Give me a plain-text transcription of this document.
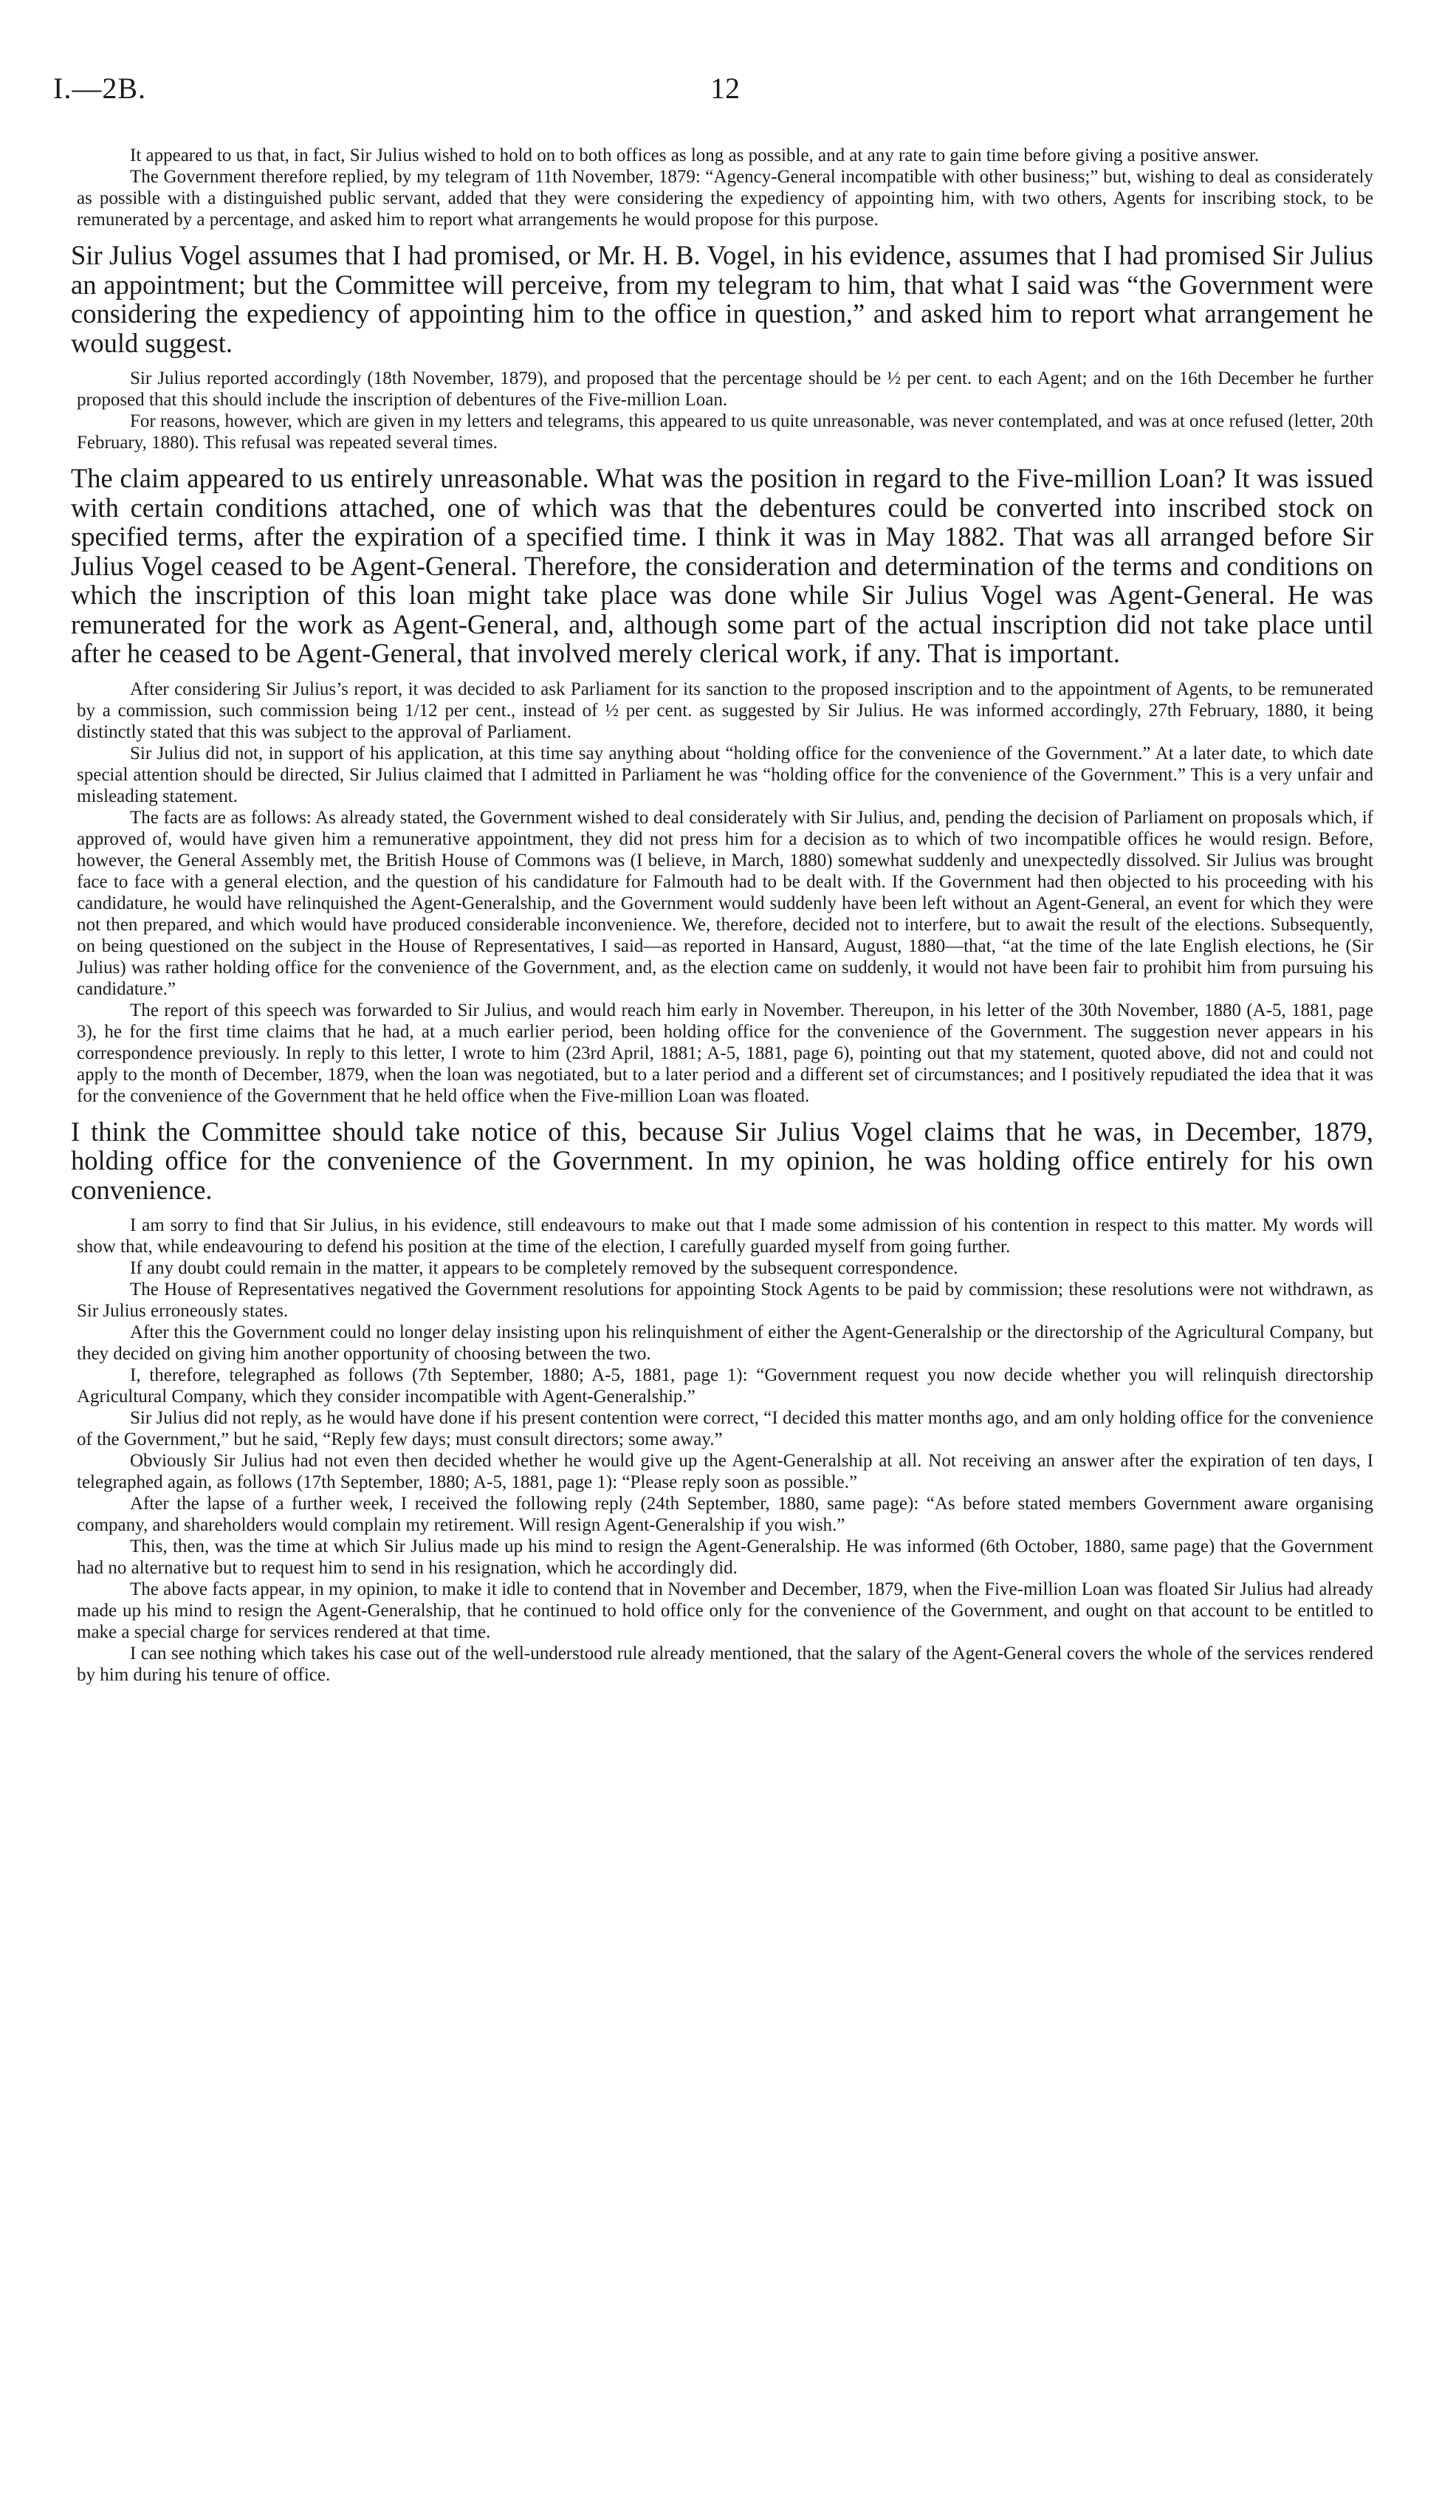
I.—2B.	12

It appeared to us that, in fact, Sir Julius wished to hold on to both offices as long as possible, and at any rate to gain time before giving a positive answer.

The Government therefore replied, by my telegram of 11th November, 1879: “Agency-General incompatible with other business;” but, wishing to deal as considerately as possible with a distinguished public servant, added that they were considering the expediency of appointing him, with two others, Agents for inscribing stock, to be remunerated by a percentage, and asked him to report what arrangements he would propose for this purpose.

Sir Julius Vogel assumes that I had promised, or Mr. H. B. Vogel, in his evidence, assumes that I had promised Sir Julius an appointment; but the Committee will perceive, from my telegram to him, that what I said was “the Government were considering the expediency of appointing him to the office in question,” and asked him to report what arrangement he would suggest.

Sir Julius reported accordingly (18th November, 1879), and proposed that the percentage should be ½ per cent. to each Agent; and on the 16th December he further proposed that this should include the inscription of debentures of the Five-million Loan.

For reasons, however, which are given in my letters and telegrams, this appeared to us quite unreasonable, was never contemplated, and was at once refused (letter, 20th February, 1880). This refusal was repeated several times.

The claim appeared to us entirely unreasonable. What was the position in regard to the Five-million Loan? It was issued with certain conditions attached, one of which was that the debentures could be converted into inscribed stock on specified terms, after the expiration of a specified time. I think it was in May 1882. That was all arranged before Sir Julius Vogel ceased to be Agent-General. Therefore, the consideration and determination of the terms and conditions on which the inscription of this loan might take place was done while Sir Julius Vogel was Agent-General. He was remunerated for the work as Agent-General, and, although some part of the actual inscription did not take place until after he ceased to be Agent-General, that involved merely clerical work, if any. That is important.

After considering Sir Julius’s report, it was decided to ask Parliament for its sanction to the proposed inscription and to the appointment of Agents, to be remunerated by a commission, such commission being 1/12 per cent., instead of ½ per cent. as suggested by Sir Julius. He was informed accordingly, 27th February, 1880, it being distinctly stated that this was subject to the approval of Parliament.

Sir Julius did not, in support of his application, at this time say anything about “holding office for the convenience of the Government.” At a later date, to which date special attention should be directed, Sir Julius claimed that I admitted in Parliament he was “holding office for the convenience of the Government.” This is a very unfair and misleading statement.

The facts are as follows: As already stated, the Government wished to deal considerately with Sir Julius, and, pending the decision of Parliament on proposals which, if approved of, would have given him a remunerative appointment, they did not press him for a decision as to which of two incompatible offices he would resign. Before, however, the General Assembly met, the British House of Commons was (I believe, in March, 1880) somewhat suddenly and unexpectedly dissolved. Sir Julius was brought face to face with a general election, and the question of his candidature for Falmouth had to be dealt with. If the Government had then objected to his proceeding with his candidature, he would have relinquished the Agent-Generalship, and the Government would suddenly have been left without an Agent-General, an event for which they were not then prepared, and which would have produced considerable inconvenience. We, therefore, decided not to interfere, but to await the result of the elections. Subsequently, on being questioned on the subject in the House of Representatives, I said—as reported in Hansard, August, 1880—that, “at the time of the late English elections, he (Sir Julius) was rather holding office for the convenience of the Government, and, as the election came on suddenly, it would not have been fair to prohibit him from pursuing his candidature.”

The report of this speech was forwarded to Sir Julius, and would reach him early in November. Thereupon, in his letter of the 30th November, 1880 (A-5, 1881, page 3), he for the first time claims that he had, at a much earlier period, been holding office for the convenience of the Government. The suggestion never appears in his correspondence previously. In reply to this letter, I wrote to him (23rd April, 1881; A-5, 1881, page 6), pointing out that my statement, quoted above, did not and could not apply to the month of December, 1879, when the loan was negotiated, but to a later period and a different set of circumstances; and I positively repudiated the idea that it was for the convenience of the Government that he held office when the Five-million Loan was floated.

I think the Committee should take notice of this, because Sir Julius Vogel claims that he was, in December, 1879, holding office for the convenience of the Government. In my opinion, he was holding office entirely for his own convenience.

I am sorry to find that Sir Julius, in his evidence, still endeavours to make out that I made some admission of his contention in respect to this matter. My words will show that, while endeavouring to defend his position at the time of the election, I carefully guarded myself from going further.

If any doubt could remain in the matter, it appears to be completely removed by the subsequent correspondence.

The House of Representatives negatived the Government resolutions for appointing Stock Agents to be paid by commission; these resolutions were not withdrawn, as Sir Julius erroneously states.

After this the Government could no longer delay insisting upon his relinquishment of either the Agent-Generalship or the directorship of the Agricultural Company, but they decided on giving him another opportunity of choosing between the two.

I, therefore, telegraphed as follows (7th September, 1880; A-5, 1881, page 1): “Government request you now decide whether you will relinquish directorship Agricultural Company, which they consider incompatible with Agent-Generalship.”

Sir Julius did not reply, as he would have done if his present contention were correct, “I decided this matter months ago, and am only holding office for the convenience of the Government,” but he said, “Reply few days; must consult directors; some away.”

Obviously Sir Julius had not even then decided whether he would give up the Agent-Generalship at all. Not receiving an answer after the expiration of ten days, I telegraphed again, as follows (17th September, 1880; A-5, 1881, page 1): “Please reply soon as possible.”

After the lapse of a further week, I received the following reply (24th September, 1880, same page): “As before stated members Government aware organising company, and shareholders would complain my retirement. Will resign Agent-Generalship if you wish.”

This, then, was the time at which Sir Julius made up his mind to resign the Agent-Generalship. He was informed (6th October, 1880, same page) that the Government had no alternative but to request him to send in his resignation, which he accordingly did.

The above facts appear, in my opinion, to make it idle to contend that in November and December, 1879, when the Five-million Loan was floated Sir Julius had already made up his mind to resign the Agent-Generalship, that he continued to hold office only for the convenience of the Government, and ought on that account to be entitled to make a special charge for services rendered at that time.

I can see nothing which takes his case out of the well-understood rule already mentioned, that the salary of the Agent-General covers the whole of the services rendered by him during his tenure of office.
